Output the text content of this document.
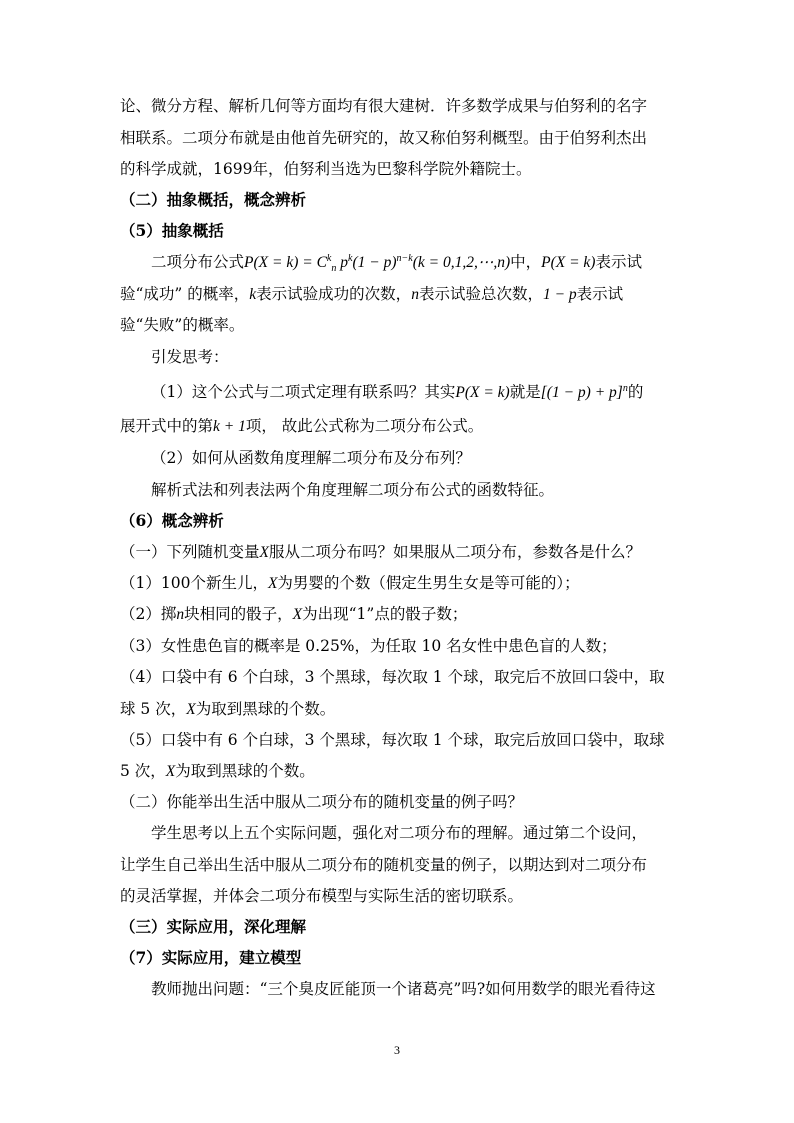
论、微分方程、解析几何等方面均有很大建树．许多数学成果与伯努利的名字
相联系。二项分布就是由他首先研究的，故又称伯努利概型。由于伯努利杰出
的科学成就，1699年，伯努利当选为巴黎科学院外籍院士。
（二）抽象概括，概念辨析
（5）抽象概括
二项分布公式$P(X = k) = C^k_n$ $p^k(1 - p)^{n-k}(k$ = 0,1,2,⋯,n)中，P(X = k)表示试
验“成功” 的概率，k表示试验成功的次数，n表示试验总次数，1 − p表示试
验“失败”的概率。
引发思考：
（1）这个公式与二项式定理有联系吗？其实P(X = k)就是$[(1 - p) + p]^n$的
展开式中的第k + 1项， 故此公式称为二项分布公式。
（2）如何从函数角度理解二项分布及分布列？
解析式法和列表法两个角度理解二项分布公式的函数特征。
（6）概念辨析
（一）下列随机变量X服从二项分布吗？如果服从二项分布，参数各是什么？
（1）100个新生儿，X为男婴的个数（假定生男生女是等可能的）；
（2）掷n块相同的骰子，X为出现“1”点的骰子数；
（3）女性患色盲的概率是 0.25%，为任取 10 名女性中患色盲的人数；
（4）口袋中有 6 个白球，3 个黑球，每次取 1 个球，取完后不放回口袋中，取
球 5 次，X为取到黑球的个数。
（5）口袋中有 6 个白球，3 个黑球，每次取 1 个球，取完后放回口袋中，取球
5 次，X为取到黑球的个数。
（二）你能举出生活中服从二项分布的随机变量的例子吗？
学生思考以上五个实际问题，强化对二项分布的理解。通过第二个设问，
让学生自己举出生活中服从二项分布的随机变量的例子，以期达到对二项分布
的灵活掌握，并体会二项分布模型与实际生活的密切联系。
（三）实际应用，深化理解
（7）实际应用，建立模型
教师抛出问题：“三个臭皮匠能顶一个诸葛亮”吗?如何用数学的眼光看待这
3
